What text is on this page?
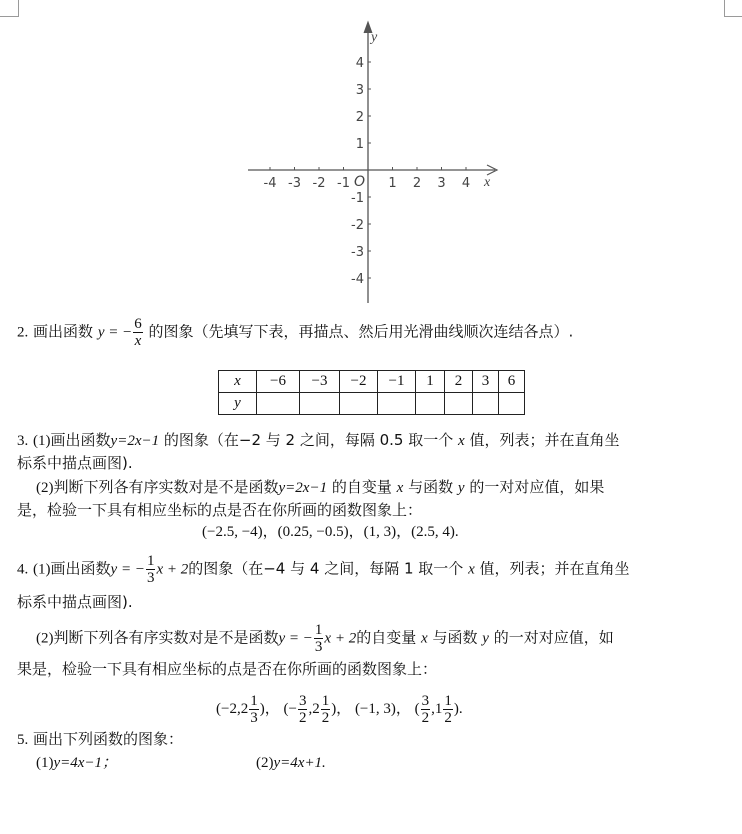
-4 -3 -2 -1	1 2 3 4
4
3
2
1
-1
-2
-3
-4
x
y
O
2. 画出函数 y = − $\frac{6}{x}$ 的图象（先填写下表，再描点、然后用光滑曲线顺次连结各点）.
x	−6	−3	−2	−1	1	2	3	6
y								
3. (1)画出函数y=2x−1 的图象（在−2 与 2 之间，每隔 0.5 取一个 x 值，列表；并在直角坐
标系中描点画图).
(2)判断下列各有序实数对是不是函数y=2x−1 的自变量 x 与函数 y 的一对对应值，如果
是，检验一下具有相应坐标的点是否在你所画的函数图象上：
(−2.5, −4)，(0.25, −0.5)，(1, 3)，(2.5, 4).
4. (1)画出函数y = − $\frac{1}{3}$ x + 2的图象（在−4 与 4 之间，每隔 1 取一个 x 值，列表；并在直角坐
标系中描点画图).
(2)判断下列各有序实数对是不是函数y = − $\frac{1}{3}$ x + 2的自变量 x 与函数 y 的一对对应值，如
果是，检验一下具有相应坐标的点是否在你所画的函数图象上：
($-2,2 \frac{1}{3}$ )， (− $\frac{3}{2} ,2 \frac{1}{2}$ )， (−1, 3)， ( $\frac{3}{2} ,1 \frac{1}{2}$ ).
5. 画出下列函数的图象：
(1)y=4x−1；	(2)y=4x+1.
